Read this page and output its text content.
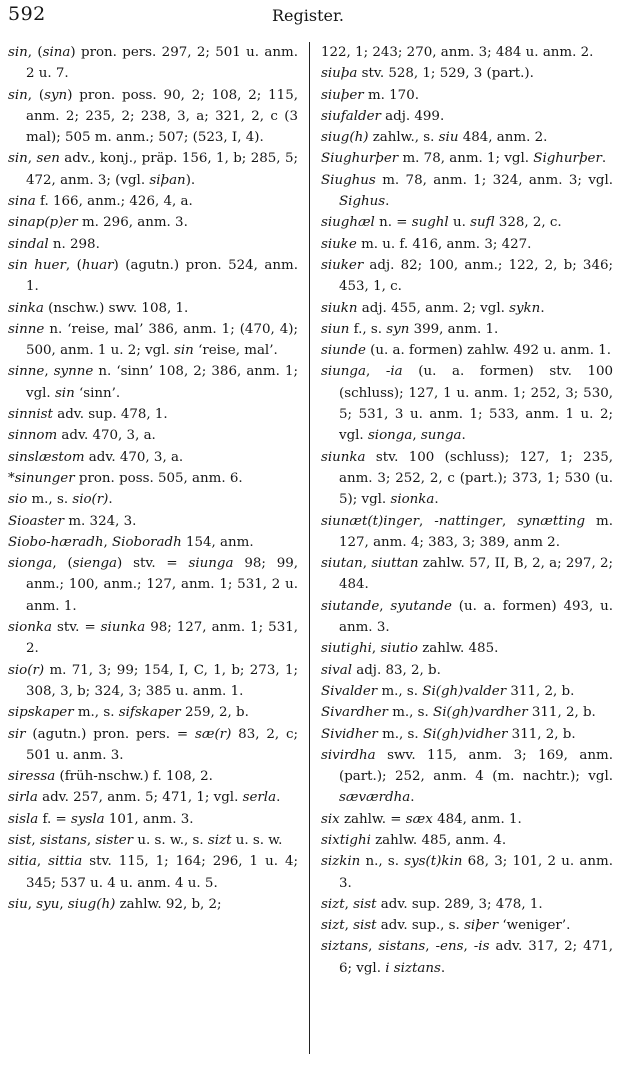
592	Register.

sin, (sina) pron. pers. 297, 2; 501 u. anm. 2 u. 7.

sin, (syn) pron. poss. 90, 2; 108, 2; 115, anm. 2; 235, 2; 238, 3, a; 321, 2, c (3 mal); 505 m. anm.; 507; (523, I, 4).

sin, sen adv., konj., präp. 156, 1, b; 285, 5; 472, anm. 3; (vgl. siþan).

sina f. 166, anm.; 426, 4, a.

sinap(p)er m. 296, anm. 3.

sindal n. 298.

sin huer, (huar) (agutn.) pron. 524, anm. 1.

sinka (nschw.) swv. 108, 1.

sinne n. ‘reise, mal’ 386, anm. 1; (470, 4); 500, anm. 1 u. 2; vgl. sin ‘reise, mal’.

sinne, synne n. ‘sinn’ 108, 2; 386, anm. 1; vgl. sin ‘sinn’.

sinnist adv. sup. 478, 1.

sinnom adv. 470, 3, a.

sinslæstom adv. 470, 3, a.

*sinunger pron. poss. 505, anm. 6.

sio m., s. sio(r).

Sioaster m. 324, 3.

Siobo-hæradh, Sioboradh 154, anm.

sionga, (sienga) stv. = siunga 98; 99, anm.; 100, anm.; 127, anm. 1; 531, 2 u. anm. 1.

sionka stv. = siunka 98; 127, anm. 1; 531, 2.

sio(r) m. 71, 3; 99; 154, I, C, 1, b; 273, 1; 308, 3, b; 324, 3; 385 u. anm. 1.

sipskaper m., s. sifskaper 259, 2, b.

sir (agutn.) pron. pers. = sæ(r) 83, 2, c; 501 u. anm. 3.

siressa (früh-nschw.) f. 108, 2.

sirla adv. 257, anm. 5; 471, 1; vgl. serla.

sisla f. = sysla 101, anm. 3.

sist, sistans, sister u. s. w., s. sizt u. s. w.

sitia, sittia stv. 115, 1; 164; 296, 1 u. 4; 345; 537 u. 4 u. anm. 4 u. 5.

siu, syu, siug(h) zahlw. 92, b, 2;

122, 1; 243; 270, anm. 3; 484 u. anm. 2.

siuþa stv. 528, 1; 529, 3 (part.).

siuþer m. 170.

siufalder adj. 499.

siug(h) zahlw., s. siu 484, anm. 2.

Siughurþer m. 78, anm. 1; vgl. Sighurþer.

Siughus m. 78, anm. 1; 324, anm. 3; vgl. Sighus.

siughæl n. = sughl u. sufl 328, 2, c.

siuke m. u. f. 416, anm. 3; 427.

siuker adj. 82; 100, anm.; 122, 2, b; 346; 453, 1, c.

siukn adj. 455, anm. 2; vgl. sykn.

siun f., s. syn 399, anm. 1.

siunde (u. a. formen) zahlw. 492 u. anm. 1.

siunga, -ia (u. a. formen) stv. 100 (schluss); 127, 1 u. anm. 1; 252, 3; 530, 5; 531, 3 u. anm. 1; 533, anm. 1 u. 2; vgl. sionga, sunga.

siunka stv. 100 (schluss); 127, 1; 235, anm. 3; 252, 2, c (part.); 373, 1; 530 (u. 5); vgl. sionka.

siunæt(t)inger, -nattinger, synætting m. 127, anm. 4; 383, 3; 389, anm 2.

siutan, siuttan zahlw. 57, II, B, 2, a; 297, 2; 484.

siutande, syutande (u. a. formen) 493, u. anm. 3.

siutighi, siutio zahlw. 485.

sival adj. 83, 2, b.

Sivalder m., s. Si(gh)valder 311, 2, b.

Sivardher m., s. Si(gh)vardher 311, 2, b.

Sividher m., s. Si(gh)vidher 311, 2, b.

sivirdha swv. 115, anm. 3; 169, anm. (part.); 252, anm. 4 (m. nachtr.); vgl. sæværdha.

six zahlw. = sæx 484, anm. 1.

sixtighi zahlw. 485, anm. 4.

sizkin n., s. sys(t)kin 68, 3; 101, 2 u. anm. 3.

sizt, sist adv. sup. 289, 3; 478, 1.

sizt, sist adv. sup., s. siþer ‘weniger’.

siztans, sistans, -ens, -is adv. 317, 2; 471, 6; vgl. i siztans.
